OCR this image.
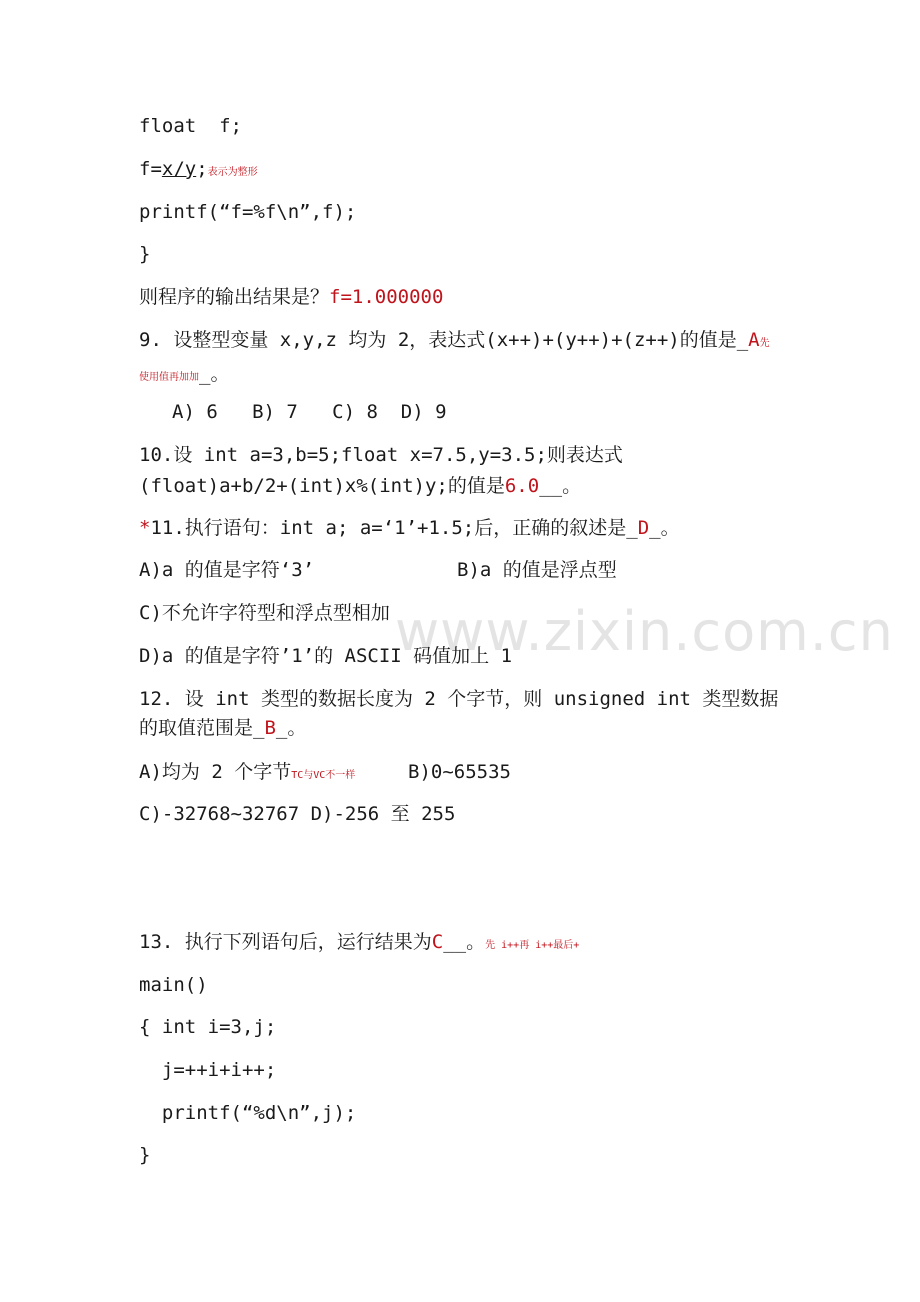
www.zixin.com.cn
float  f;
f=x/y;表示为整形
printf(“f=%f\n”,f);
}
则程序的输出结果是？f=1.000000
9. 设整型变量 x,y,z 均为 2，表达式(x++)+(y++)+(z++)的值是_A先
使用值再加加_。
A) 6   B) 7   C) 8  D) 9
10.设 int a=3,b=5;float x=7.5,y=3.5;则表达式
(float)a+b/2+(int)x%(int)y;的值是6.0__。
*11.执行语句：int a; a=‘1’+1.5;后，正确的叙述是_D_。
A)a 的值是字符‘3’	B)a 的值是浮点型
C)不允许字符型和浮点型相加
D)a 的值是字符’1’的 ASCII 码值加上 1
12. 设 int 类型的数据长度为 2 个字节，则 unsigned int 类型数据
的取值范围是_B_。
A)均为 2 个字节TC与VC不一样	B)0~65535
C)-32768~32767 D)-256 至 255
13. 执行下列语句后，运行结果为C__。先 i++再 i++最后+
main()
{ int i=3,j;
j=++i+i++;
printf(“%d\n”,j);
}
